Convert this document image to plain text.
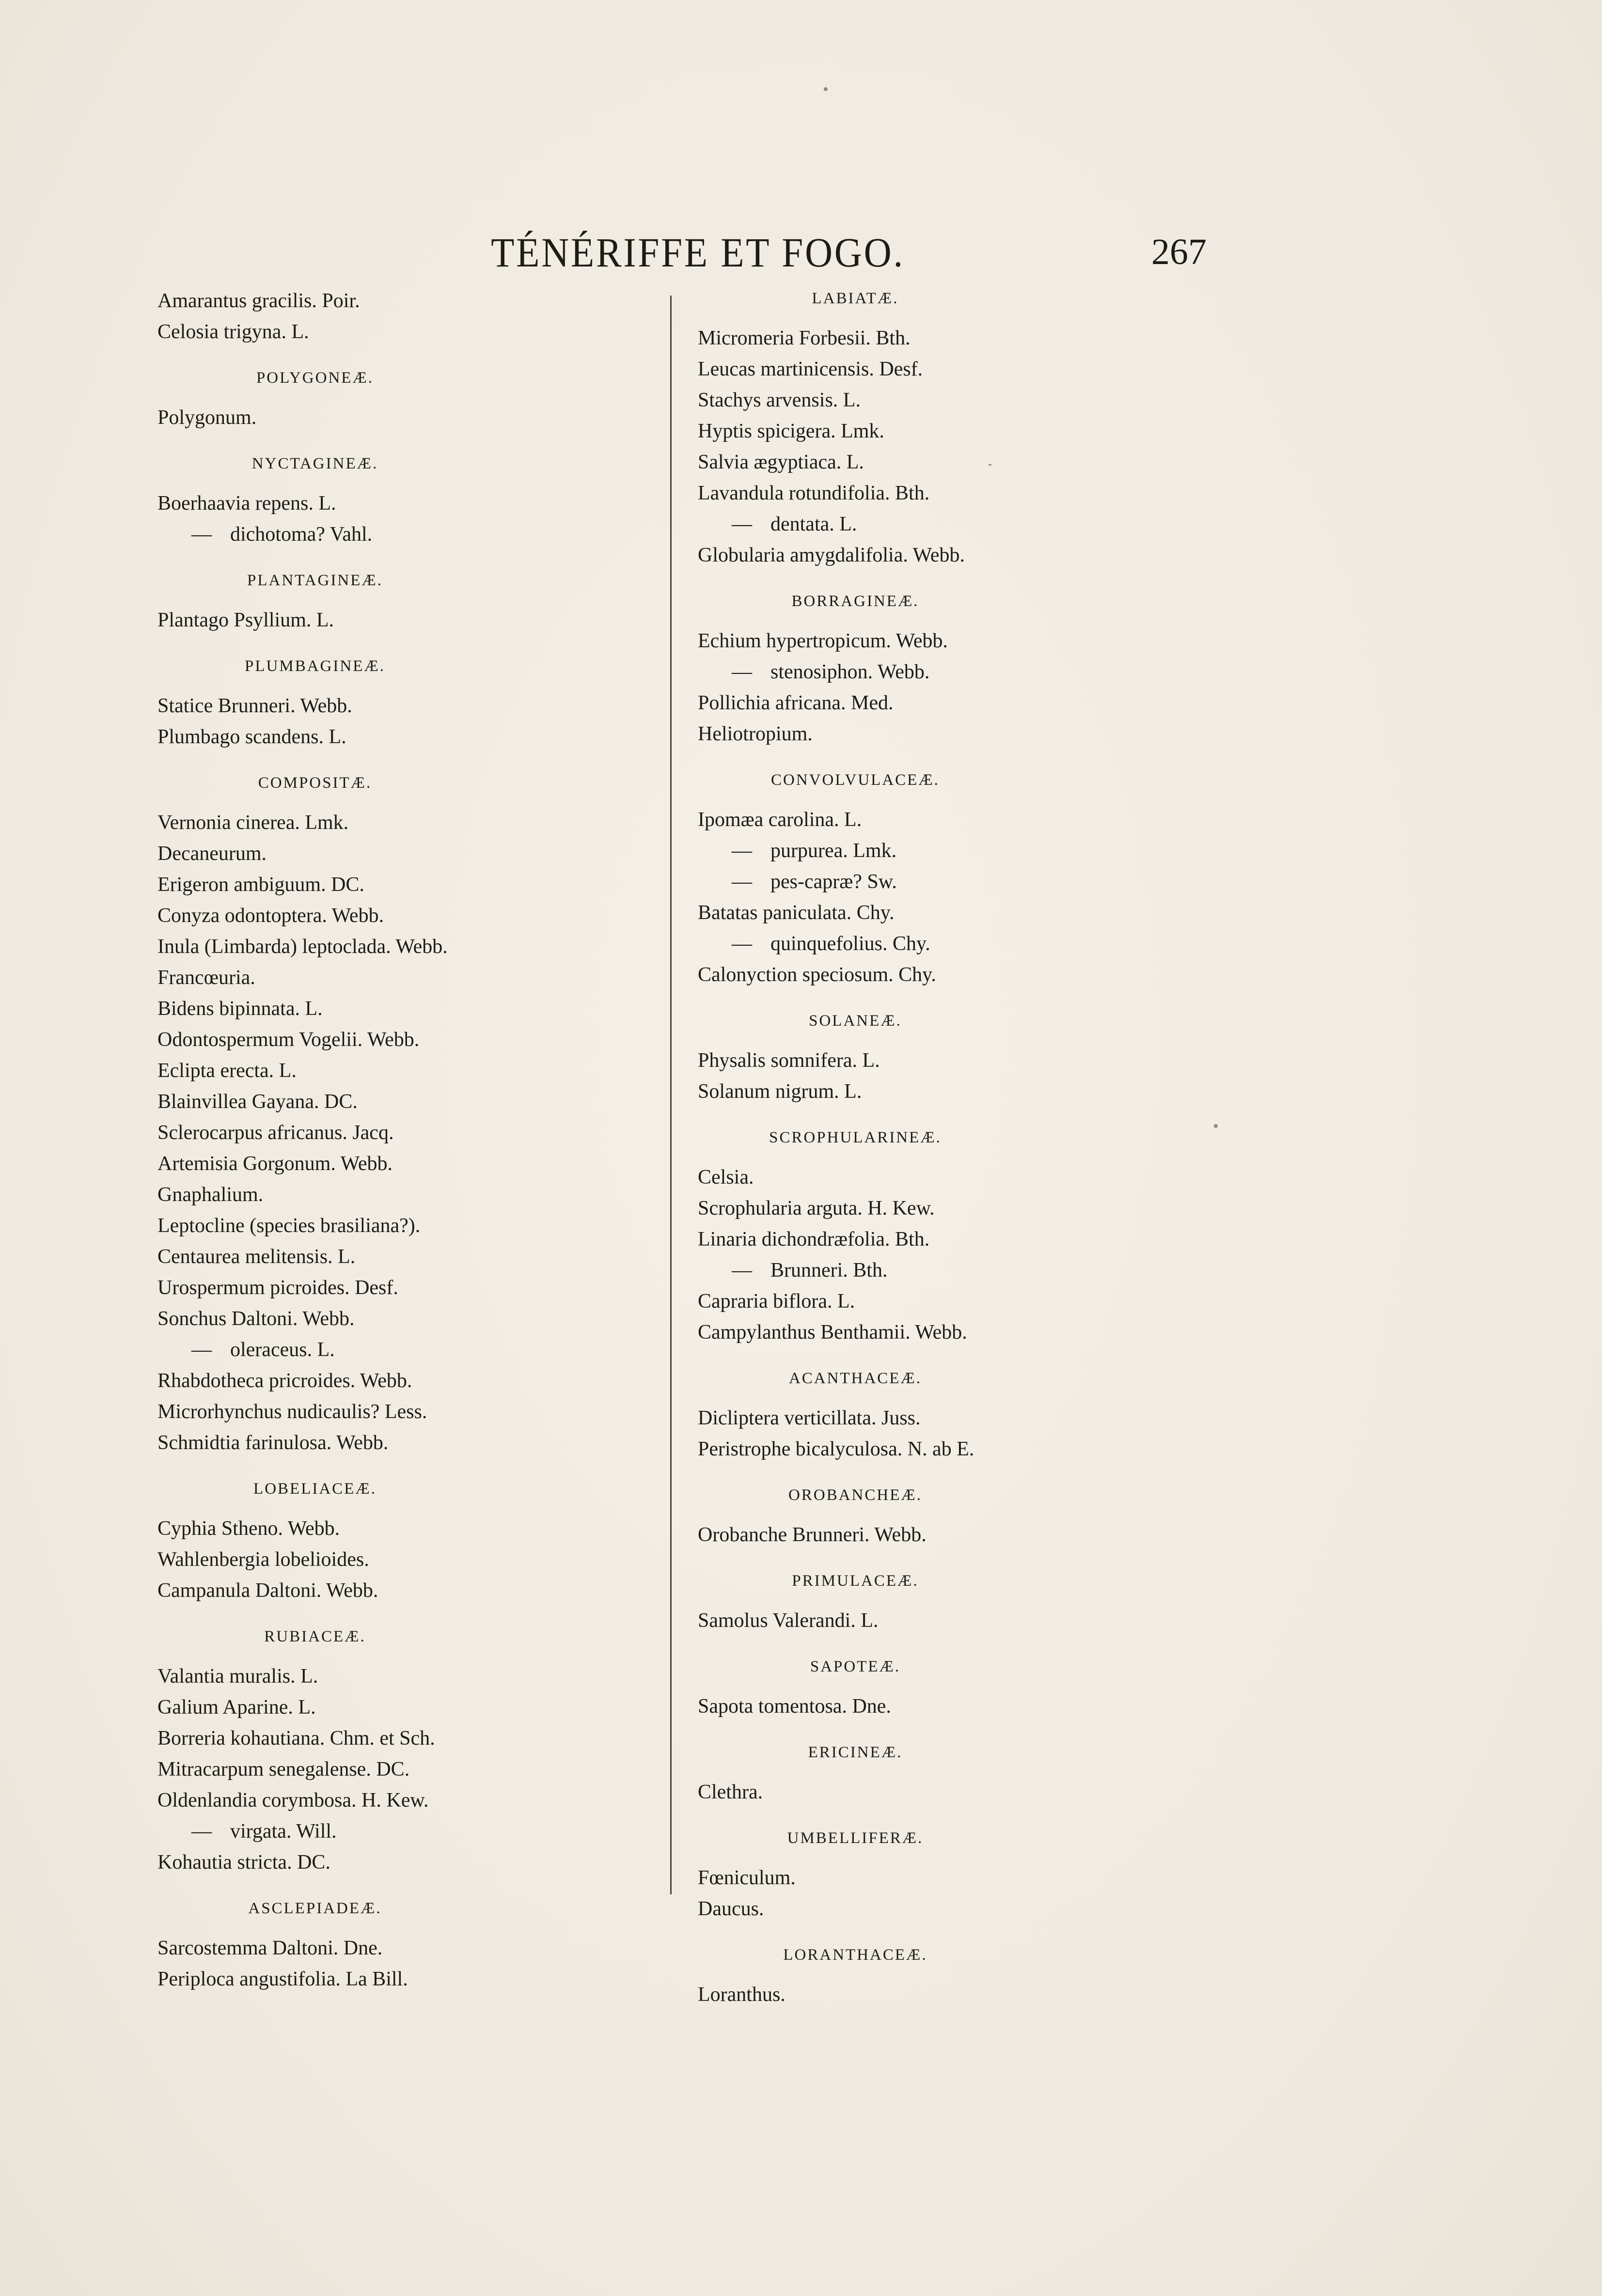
TÉNÉRIFFE ET FOGO.	267
Amarantus gracilis. Poir.
Celosia trigyna. L.
POLYGONEÆ.
Polygonum.
NYCTAGINEÆ.
Boerhaavia repens. L.
— dichotoma? Vahl.
PLANTAGINEÆ.
Plantago Psyllium. L.
PLUMBAGINEÆ.
Statice Brunneri. Webb.
Plumbago scandens. L.
COMPOSITÆ.
Vernonia cinerea. Lmk.
Decaneurum.
Erigeron ambiguum. DC.
Conyza odontoptera. Webb.
Inula (Limbarda) leptoclada. Webb.
Francœuria.
Bidens bipinnata. L.
Odontospermum Vogelii. Webb.
Eclipta erecta. L.
Blainvillea Gayana. DC.
Sclerocarpus africanus. Jacq.
Artemisia Gorgonum. Webb.
Gnaphalium.
Leptocline (species brasiliana?).
Centaurea melitensis. L.
Urospermum picroides. Desf.
Sonchus Daltoni. Webb.
— oleraceus. L.
Rhabdotheca pricroides. Webb.
Microrhynchus nudicaulis? Less.
Schmidtia farinulosa. Webb.
LOBELIACEÆ.
Cyphia Stheno. Webb.
Wahlenbergia lobelioides.
Campanula Daltoni. Webb.
RUBIACEÆ.
Valantia muralis. L.
Galium Aparine. L.
Borreria kohautiana. Chm. et Sch.
Mitracarpum senegalense. DC.
Oldenlandia corymbosa. H. Kew.
— virgata. Will.
Kohautia stricta. DC.
ASCLEPIADEÆ.
Sarcostemma Daltoni. Dne.
Periploca angustifolia. La Bill.
LABIATÆ.
Micromeria Forbesii. Bth.
Leucas martinicensis. Desf.
Stachys arvensis. L.
Hyptis spicigera. Lmk.
Salvia ægyptiaca. L.
Lavandula rotundifolia. Bth.
— dentata. L.
Globularia amygdalifolia. Webb.
BORRAGINEÆ.
Echium hypertropicum. Webb.
— stenosiphon. Webb.
Pollichia africana. Med.
Heliotropium.
CONVOLVULACEÆ.
Ipomæa carolina. L.
— purpurea. Lmk.
— pes-capræ? Sw.
Batatas paniculata. Chy.
— quinquefolius. Chy.
Calonyction speciosum. Chy.
SOLANEÆ.
Physalis somnifera. L.
Solanum nigrum. L.
SCROPHULARINEÆ.
Celsia.
Scrophularia arguta. H. Kew.
Linaria dichondræfolia. Bth.
— Brunneri. Bth.
Capraria biflora. L.
Campylanthus Benthamii. Webb.
ACANTHACEÆ.
Dicliptera verticillata. Juss.
Peristrophe bicalyculosa. N. ab E.
OROBANCHEÆ.
Orobanche Brunneri. Webb.
PRIMULACEÆ.
Samolus Valerandi. L.
SAPOTEÆ.
Sapota tomentosa. Dne.
ERICINEÆ.
Clethra.
UMBELLIFERÆ.
Fœniculum.
Daucus.
LORANTHACEÆ.
Loranthus.
